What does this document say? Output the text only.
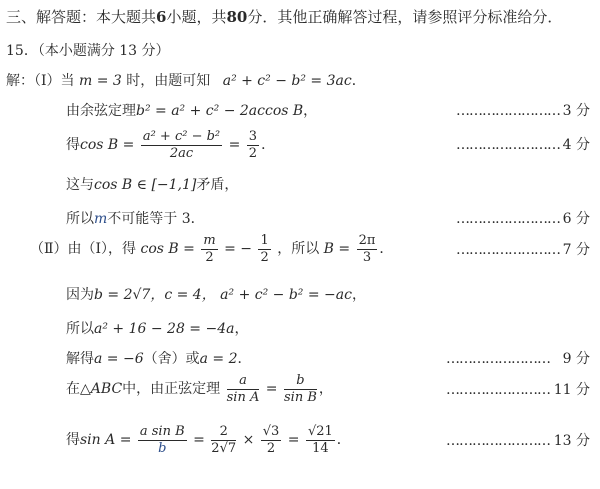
三、解答题：本大题共6小题，共80分．其他正确解答过程，请参照评分标准给分．
15．（本小题满分 13 分）
解：（Ⅰ）当 m = 3 时，由题可知 a² + c² − b² = 3ac．
由余弦定理b² = a² + c² − 2accos B，	…………………… 3 分
得$\cos B = \frac{\text{a² + c² − b²}}{2ac} = \frac{3}{2}$ ．	…………………… 4 分
这与cos B ∈ [−1,1]矛盾，
所以m不可能等于 3．	…………………… 6 分
（Ⅱ）由（Ⅰ），得 $\cos B = \frac{m}{2}$ = − $\frac{1}{2}$ ，所以 $B = \frac{2\pi}{3}$ ．	…………………… 7 分
因为b = 2√7，c = 4， a² + c² − b² = −ac，
所以a² + 16 − 28 = −4a，
解得a = −6（舍）或a = 2．	…………………… 9 分
在△ABC中，由正弦定理 $\frac{a}{\text{sin A}} = \frac{b}{\text{sin B}}$ ，	…………………… 11 分
得$\sin A = \frac{\text{a sin B}}{b} = \frac{2}{2√7} \times \frac{√3}{2} = \frac{√21}{14}$ ．	…………………… 13 分
